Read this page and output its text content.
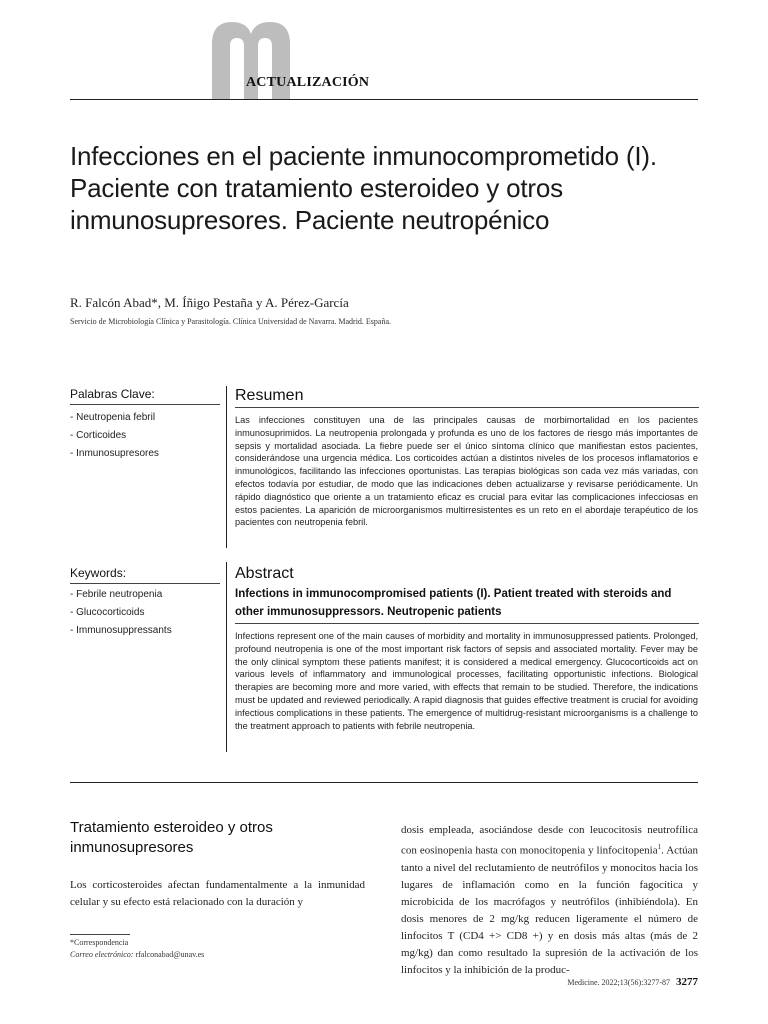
ACTUALIZACIÓN
Infecciones en el paciente inmunocomprometido (I). Paciente con tratamiento esteroideo y otros inmunosupresores. Paciente neutropénico
R. Falcón Abad*, M. Íñigo Pestaña y A. Pérez-García
Servicio de Microbiología Clínica y Parasitología. Clínica Universidad de Navarra. Madrid. España.
Palabras Clave:
- Neutropenia febril
- Corticoides
- Inmunosupresores
Keywords:
- Febrile neutropenia
- Glucocorticoids
- Immunosuppressants
Resumen
Las infecciones constituyen una de las principales causas de morbimortalidad en los pacientes inmunosuprimidos. La neutropenia prolongada y profunda es uno de los factores de riesgo más importantes de sepsis y mortalidad asociada. La fiebre puede ser el único síntoma clínico que manifiestan estos pacientes, considerándose una urgencia médica. Los corticoides actúan a distintos niveles de los procesos inflamatorios e inmunológicos, facilitando las infecciones oportunistas. Las terapias biológicas son cada vez más variadas, con efectos todavía por estudiar, de modo que las indicaciones deben actualizarse y revisarse periódicamente. Un rápido diagnóstico que oriente a un tratamiento eficaz es crucial para evitar las complicaciones infecciosas en estos pacientes. La aparición de microorganismos multirresistentes es un reto en el abordaje terapéutico de los pacientes con neutropenia febril.
Abstract
Infections in immunocompromised patients (I). Patient treated with steroids and other immunosuppressors. Neutropenic patients
Infections represent one of the main causes of morbidity and mortality in immunosuppressed patients. Prolonged, profound neutropenia is one of the most important risk factors of sepsis and associated mortality. Fever may be the only clinical symptom these patients manifest; it is considered a medical emergency. Glucocorticoids act on various levels of inflammatory and immunological processes, facilitating opportunistic infections. Biological therapies are becoming more and more varied, with effects that remain to be studied. Therefore, the indications must be updated and reviewed periodically. A rapid diagnosis that guides effective treatment is crucial for avoiding infectious complications in these patients. The emergence of multidrug-resistant microorganisms is a challenge to the treatment approach to patients with febrile neutropenia.
Tratamiento esteroideo y otros inmunosupresores
Los corticosteroides afectan fundamentalmente a la inmunidad celular y su efecto está relacionado con la duración y
dosis empleada, asociándose desde con leucocitosis neutrofílica con eosinopenia hasta con monocitopenia y linfocitopenia$^1$. Actúan tanto a nivel del reclutamiento de neutrófilos y monocitos hacia los lugares de inflamación como en la función fagocítica y microbicida de los macrófagos y neutrófilos (inhibiéndola). En dosis menores de 2 mg/kg reducen ligeramente el número de linfocitos T (CD4 +> CD8 +) y en dosis más altas (más de 2 mg/kg) dan como resultado la supresión de la activación de los linfocitos y la inhibición de la produc-
*Correspondencia
Correo electrónico: rfalconabad@unav.es
Medicine. 2022;13(56):3277-87 3277
